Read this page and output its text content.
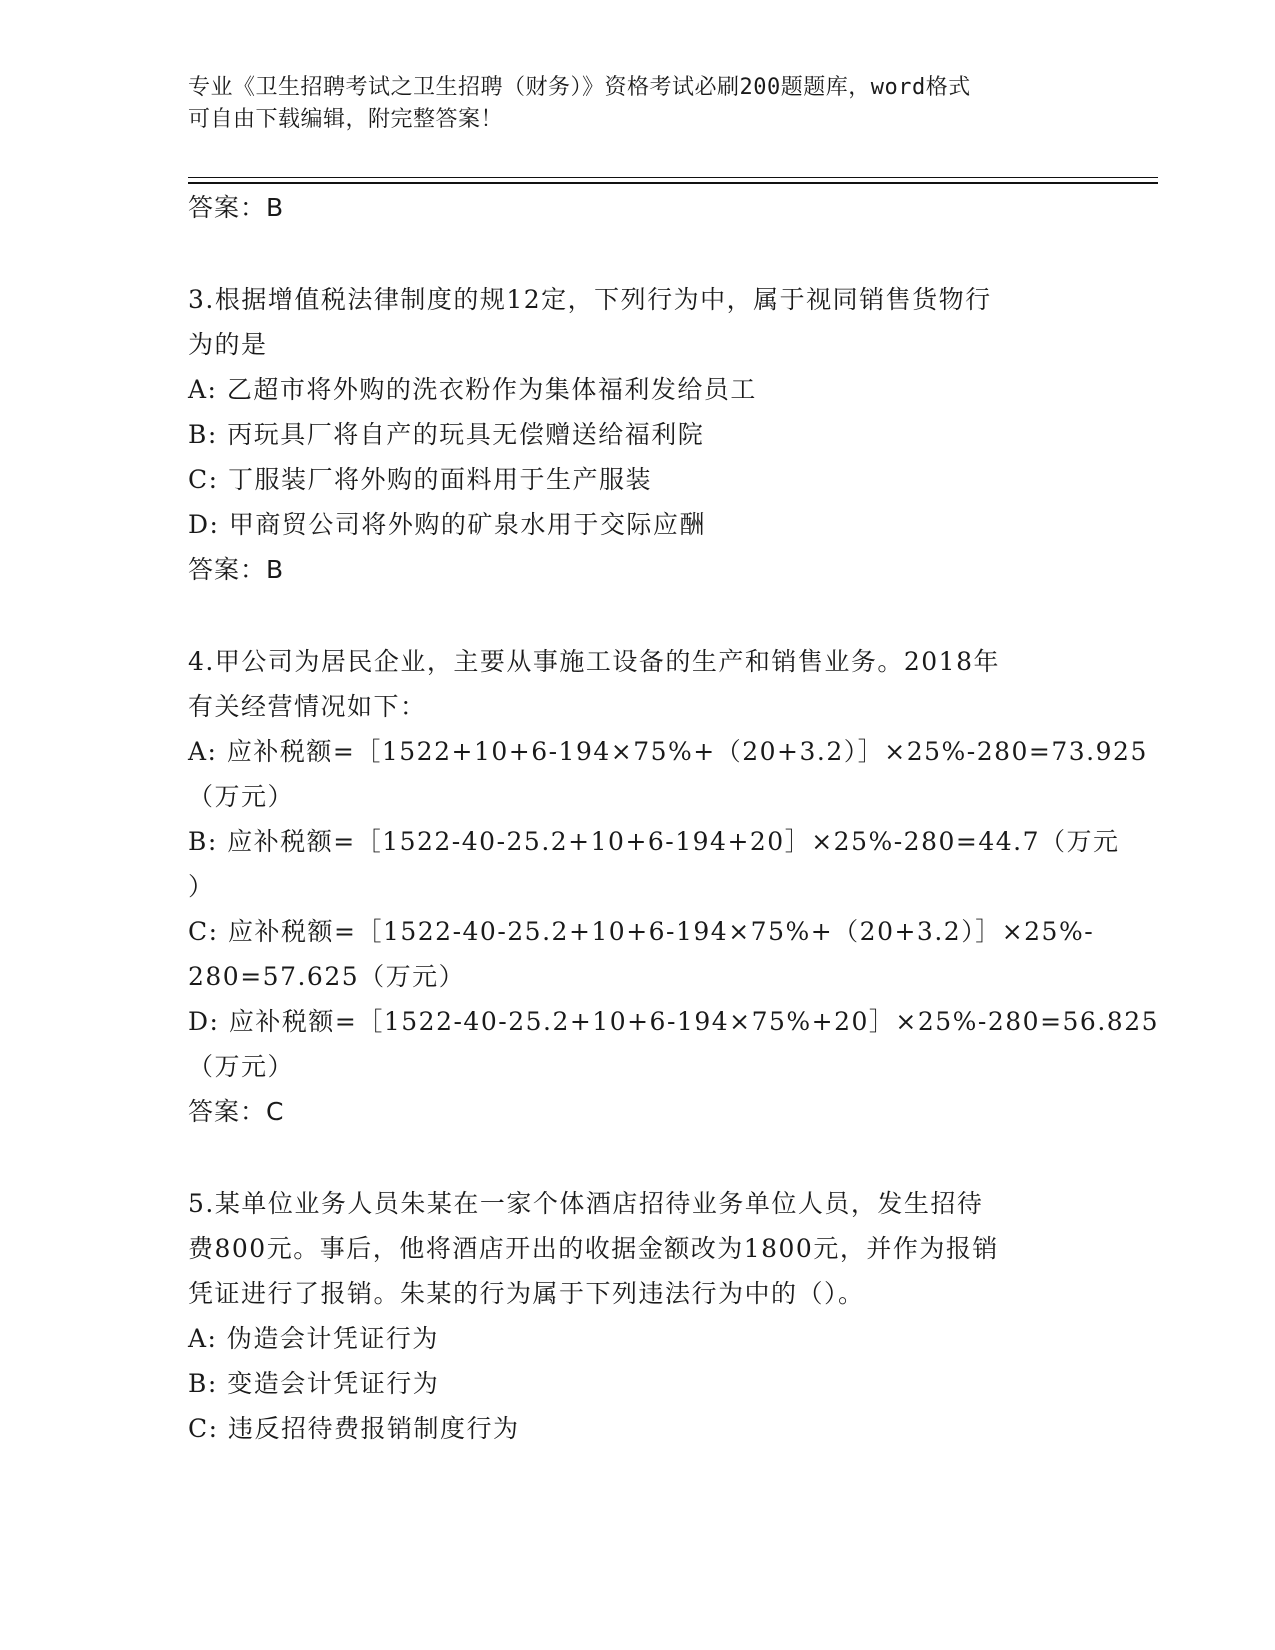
专业《卫生招聘考试之卫生招聘（财务）》资格考试必刷200题题库，word格式
可自由下载编辑，附完整答案！
答案：B
3.根据增值税法律制度的规12定，下列行为中，属于视同销售货物行
为的是
A: 乙超市将外购的洗衣粉作为集体福利发给员工
B: 丙玩具厂将自产的玩具无偿赠送给福利院
C: 丁服装厂将外购的面料用于生产服装
D: 甲商贸公司将外购的矿泉水用于交际应酬
答案：B
4.甲公司为居民企业，主要从事施工设备的生产和销售业务。2018年
有关经营情况如下：
A: 应补税额=［1522+10+6-194×75%+（20+3.2）］×25%-280=73.925
（万元）
B: 应补税额=［1522-40-25.2+10+6-194+20］×25%-280=44.7（万元
）
C: 应补税额=［1522-40-25.2+10+6-194×75%+（20+3.2）］×25%-
280=57.625（万元）
D: 应补税额=［1522-40-25.2+10+6-194×75%+20］×25%-280=56.825
（万元）
答案：C
5.某单位业务人员朱某在一家个体酒店招待业务单位人员，发生招待
费800元。事后，他将酒店开出的收据金额改为1800元，并作为报销
凭证进行了报销。朱某的行为属于下列违法行为中的（）。
A: 伪造会计凭证行为
B: 变造会计凭证行为
C: 违反招待费报销制度行为
